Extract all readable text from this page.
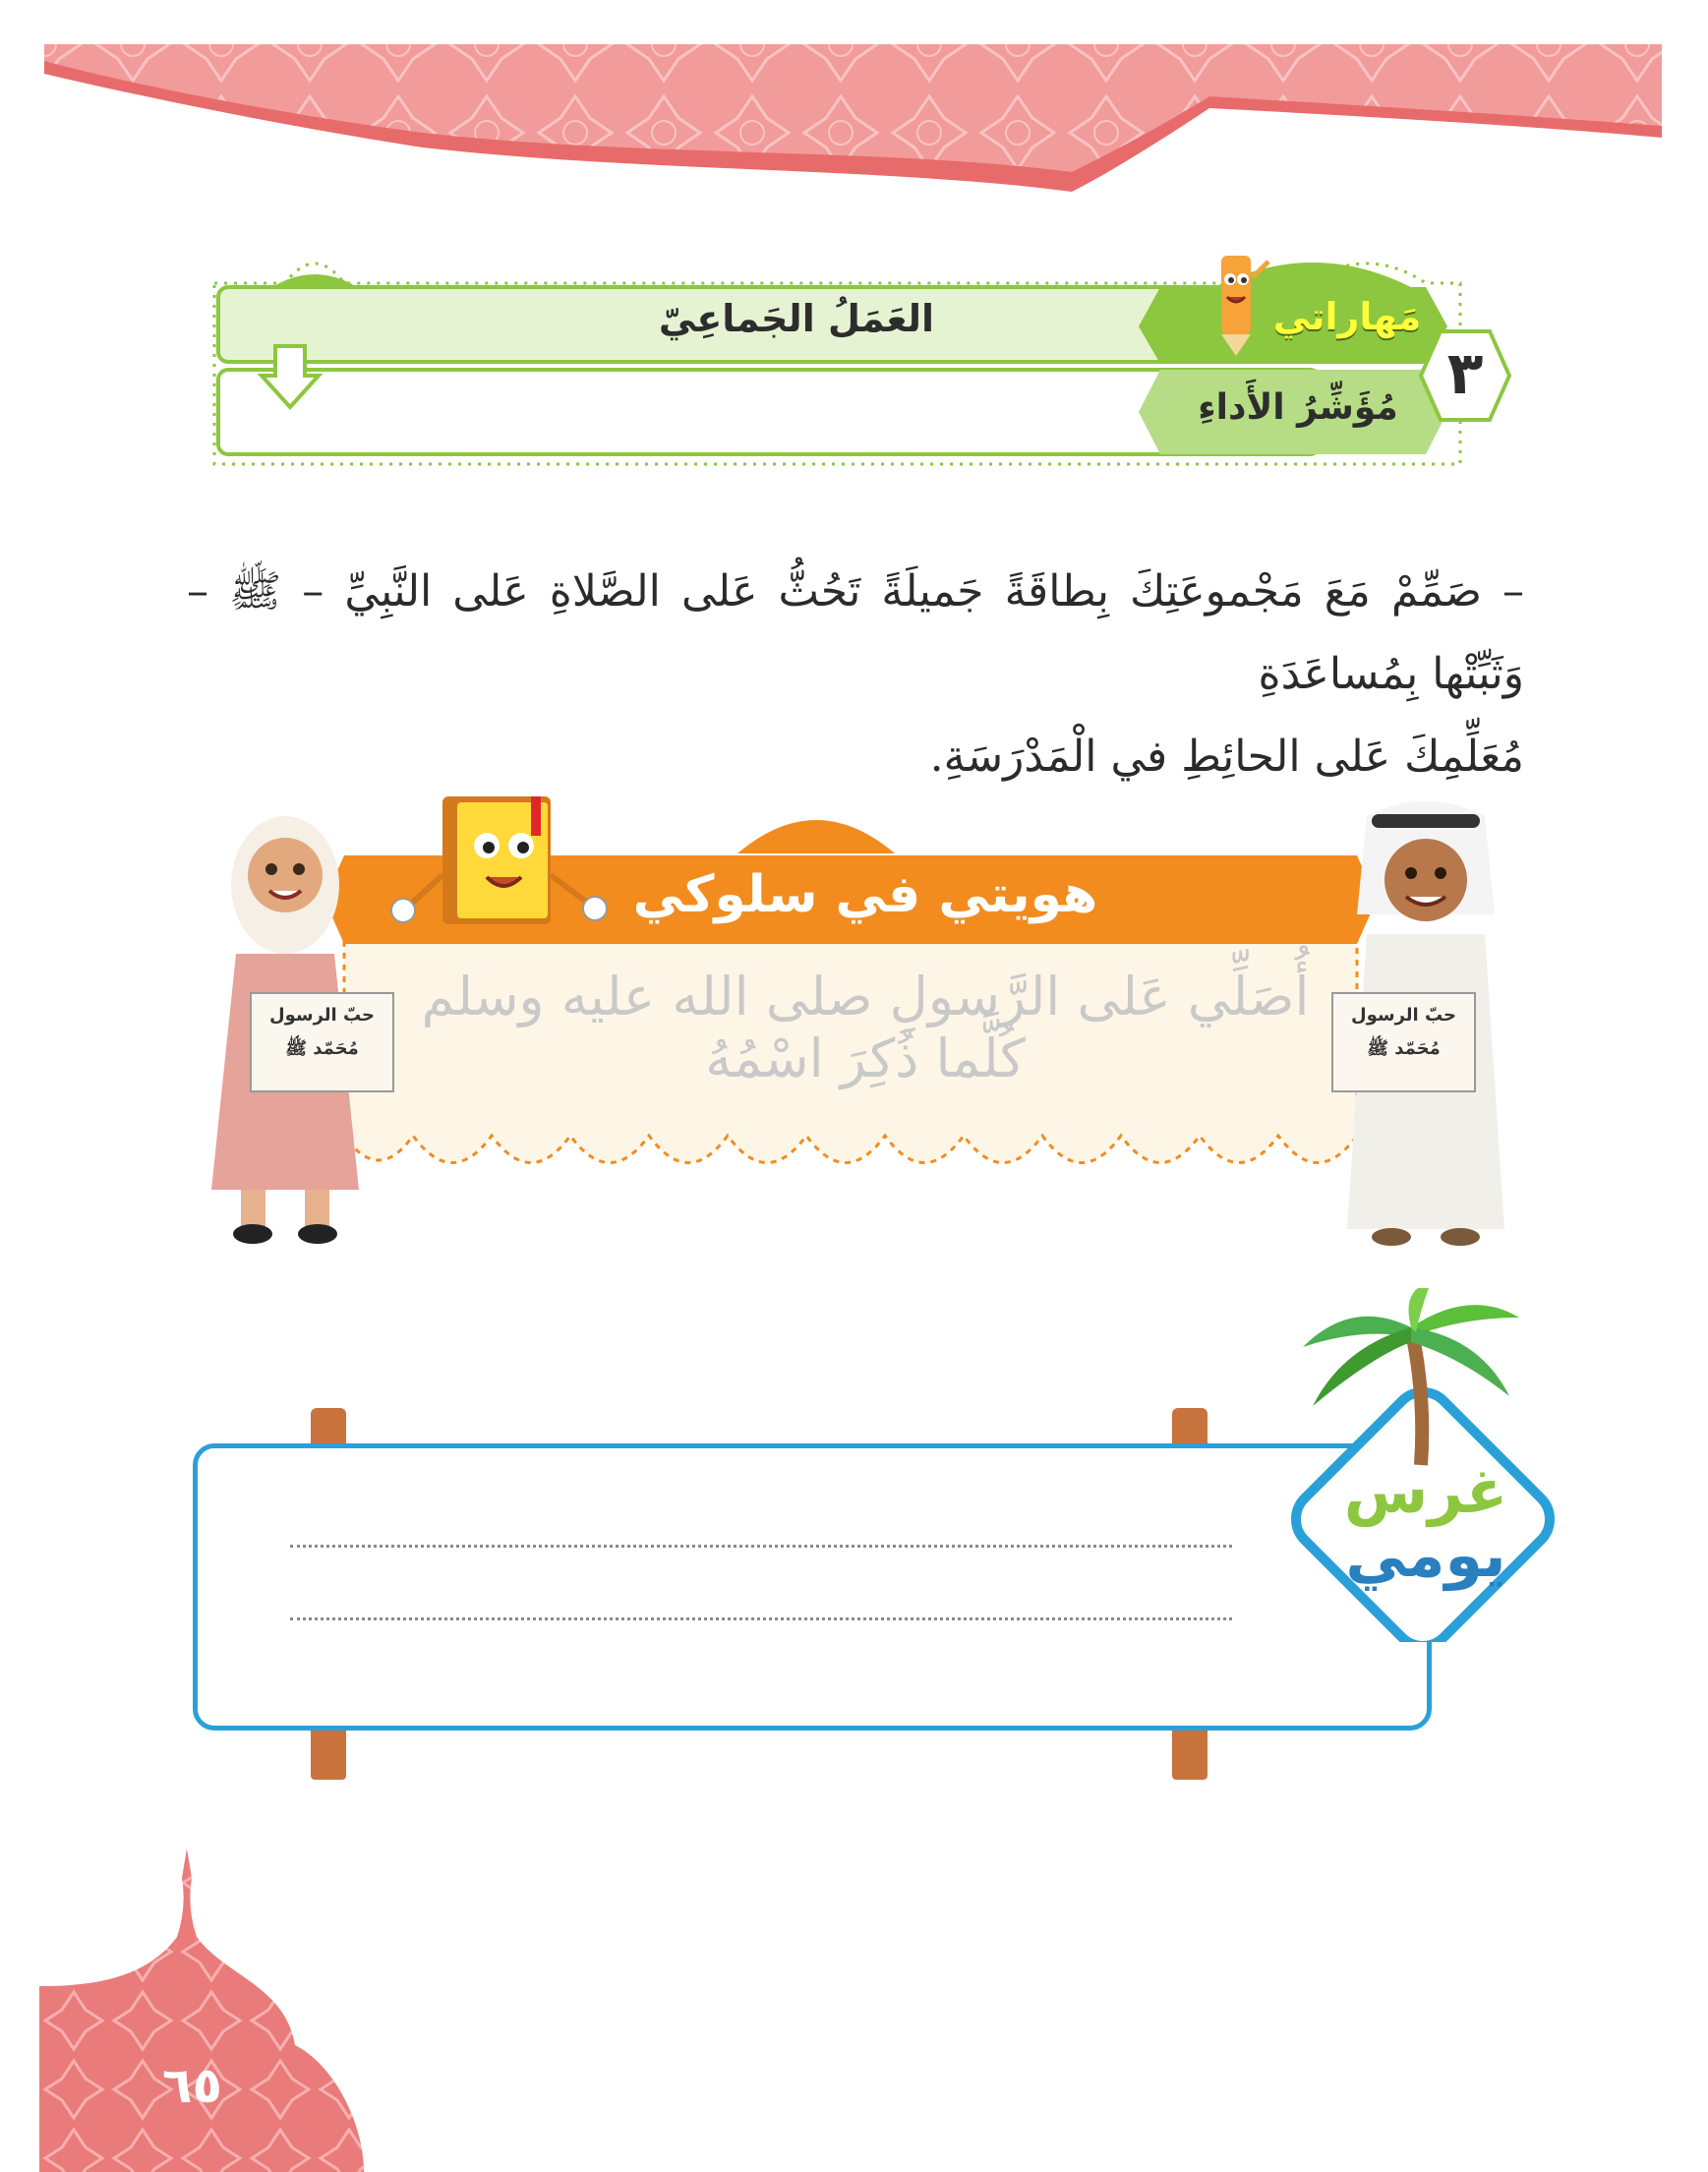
٣
مَهاراتي
العَمَلُ الجَماعِيّ
مُؤَشِّرُ الأَداءِ
– صَمِّمْ مَعَ مَجْموعَتِكَ بِطاقَةً جَميلَةً تَحُثُّ عَلى الصَّلاةِ عَلى النَّبِيِّ – ﷺ – وَثَبِّتْها بِمُساعَدَةِ
مُعَلِّمِكَ عَلى الحائِطِ في الْمَدْرَسَةِ.
هويتي في سلوكي
أُصَلِّي عَلى الرَّسولِ صلى الله عليه وسلم كُلَّما ذُكِرَ اسْمُهُ
حبّ الرسول
مُحَمّد ﷺ
حبّ الرسول
مُحَمّد ﷺ
غرس
يومي
٦٥
